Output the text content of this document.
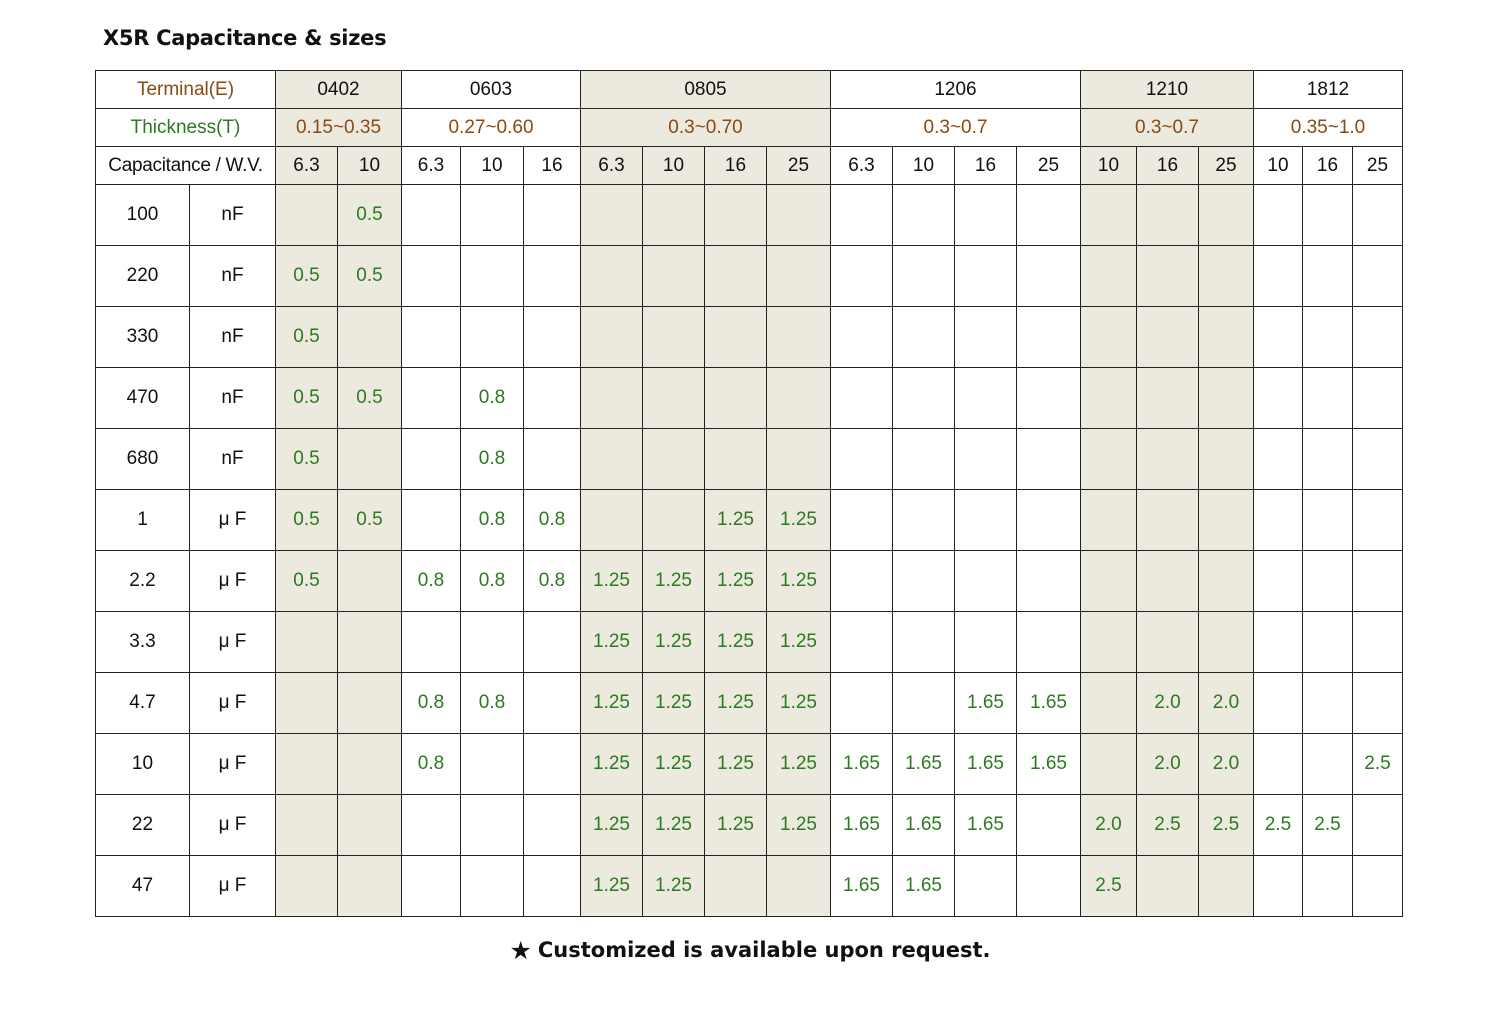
X5R Capacitance & sizes
Terminal(E)		0402		0603			0805				1206				1210			1812		
Thickness(T)		0.15~0.35		0.27~0.60			0.3~0.70				0.3~0.7				0.3~0.7			0.35~1.0		
Capacitance / W.V.		6.3	10	6.3	10	16	6.3	10	16	25	6.3	10	16	25	10	16	25	10	16	25
100	nF		0.5																	
220	nF	0.5	0.5																	
330	nF	0.5																		
470	nF	0.5	0.5		0.8															
680	nF	0.5			0.8															
1	μ F	0.5	0.5		0.8	0.8			1.25	1.25										
2.2	μ F	0.5		0.8	0.8	0.8	1.25	1.25	1.25	1.25										
3.3	μ F						1.25	1.25	1.25	1.25										
4.7	μ F			0.8	0.8		1.25	1.25	1.25	1.25			1.65	1.65		2.0	2.0			
10	μ F			0.8			1.25	1.25	1.25	1.25	1.65	1.65	1.65	1.65		2.0	2.0			2.5
22	μ F						1.25	1.25	1.25	1.25	1.65	1.65	1.65		2.0	2.5	2.5	2.5	2.5	
47	μ F						1.25	1.25			1.65	1.65			2.5					
★ Customized is available upon request.
